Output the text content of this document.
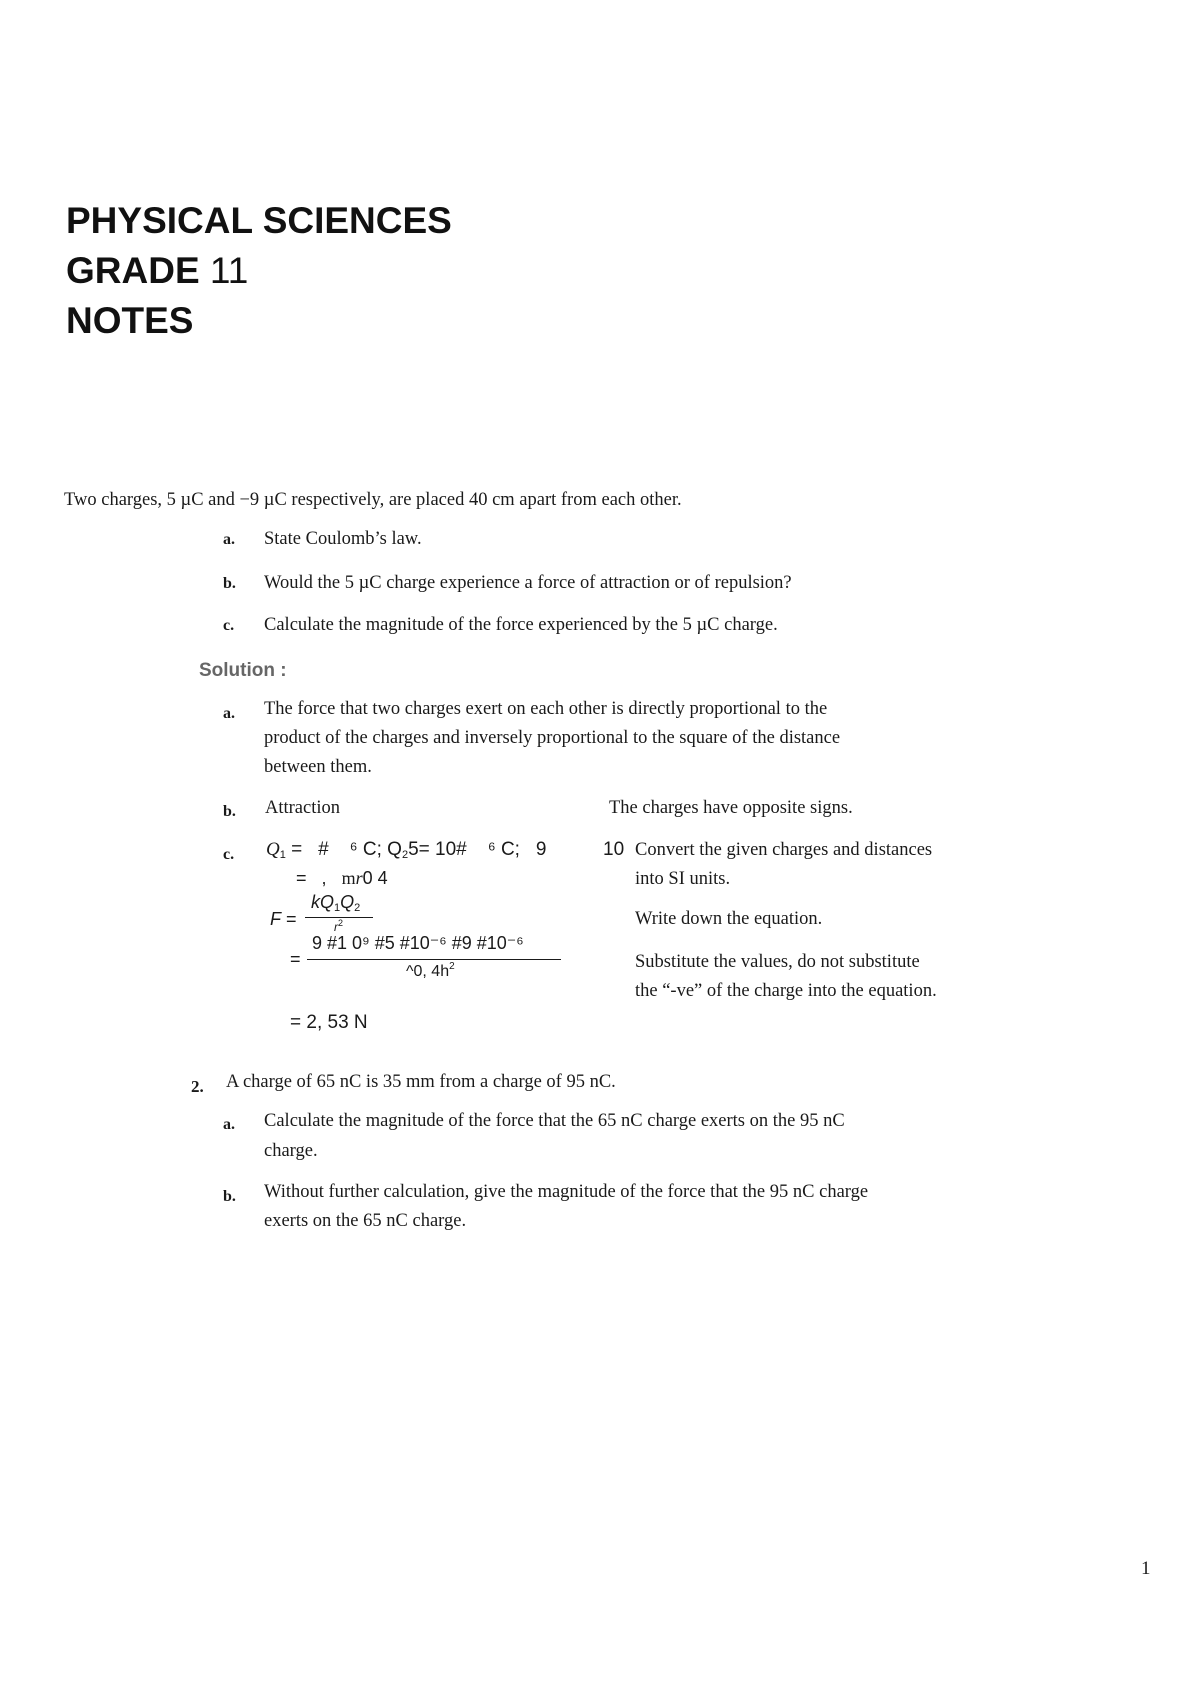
PHYSICAL SCIENCES
GRADE 11
NOTES
Two charges, 5 µC and −9 µC respectively, are placed 40 cm apart from each other.
a. State Coulomb’s law.
b. Would the 5 µC charge experience a force of attraction or of repulsion?
c. Calculate the magnitude of the force experienced by the 5 µC charge.
Solution :
a. The force that two charges exert on each other is directly proportional to the
product of the charges and inversely proportional to the square of the distance
between them.
b. Attraction	The charges have opposite signs.
c. $Q_1$ =   # ⁶ C; $Q_25=$ 10# ⁶ C; 9	10
= , mr0 4
F =
$kQ_1Q_2$
$r^2$
=
9 #1 0⁹ #5 #10⁻⁶ #9 #10⁻⁶
^0, $4h^2$
= 2, 53 N
Convert the given charges and distances
into SI units.
Write down the equation.
Substitute the values, do not substitute
the “-ve” of the charge into the equation.
2. A charge of 65 nC is 35 mm from a charge of 95 nC.
a. Calculate the magnitude of the force that the 65 nC charge exerts on the 95 nC
charge.
b. Without further calculation, give the magnitude of the force that the 95 nC charge
exerts on the 65 nC charge.
1
